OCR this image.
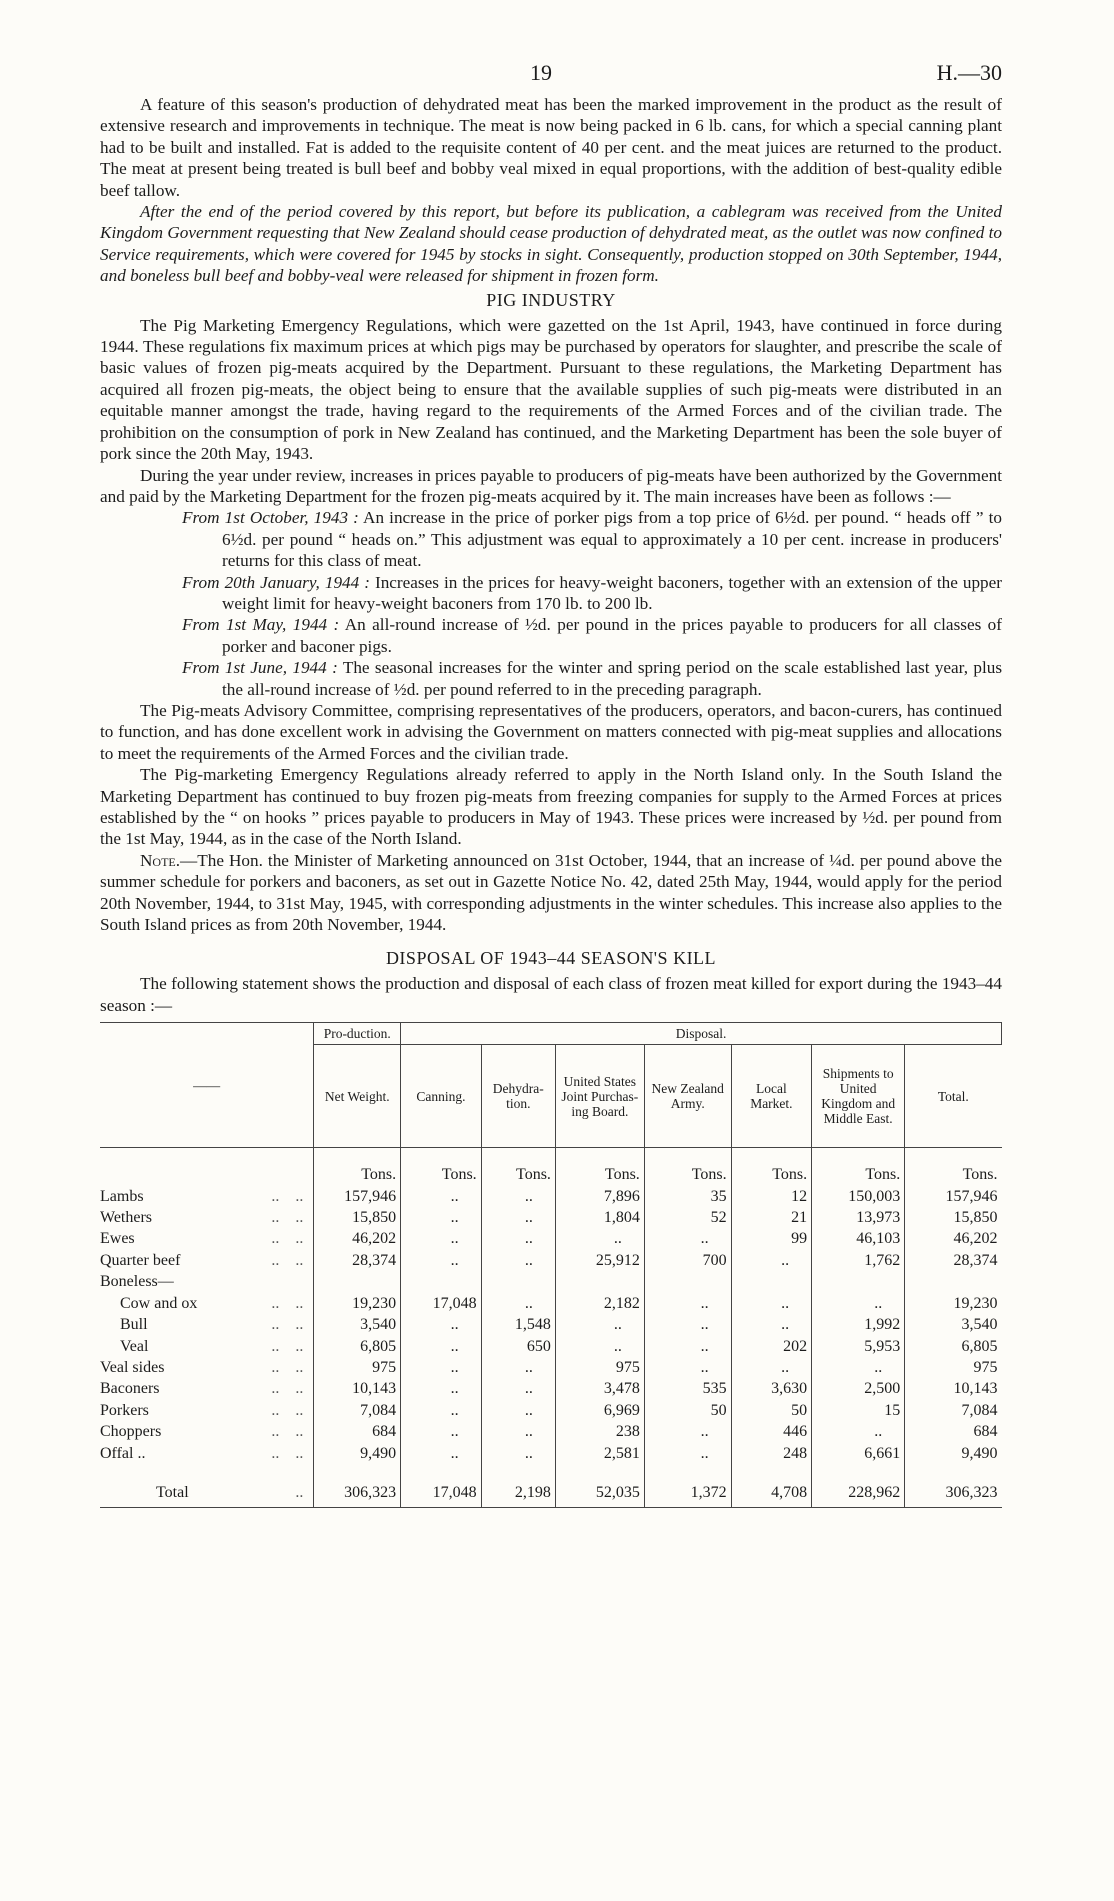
19	H.—30

A feature of this season's production of dehydrated meat has been the marked improvement in the product as the result of extensive research and improvements in technique. The meat is now being packed in 6 lb. cans, for which a special canning plant had to be built and installed. Fat is added to the requisite content of 40 per cent. and the meat juices are returned to the product. The meat at present being treated is bull beef and bobby veal mixed in equal proportions, with the addition of best-quality edible beef tallow.

After the end of the period covered by this report, but before its publication, a cablegram was received from the United Kingdom Government requesting that New Zealand should cease production of dehydrated meat, as the outlet was now confined to Service requirements, which were covered for 1945 by stocks in sight. Consequently, production stopped on 30th September, 1944, and boneless bull beef and bobby-veal were released for shipment in frozen form.

PIG INDUSTRY

The Pig Marketing Emergency Regulations, which were gazetted on the 1st April, 1943, have continued in force during 1944. These regulations fix maximum prices at which pigs may be purchased by operators for slaughter, and prescribe the scale of basic values of frozen pig-meats acquired by the Department. Pursuant to these regulations, the Marketing Department has acquired all frozen pig-meats, the object being to ensure that the available supplies of such pig-meats were distributed in an equitable manner amongst the trade, having regard to the requirements of the Armed Forces and of the civilian trade. The prohibition on the consumption of pork in New Zealand has continued, and the Marketing Department has been the sole buyer of pork since the 20th May, 1943.

During the year under review, increases in prices payable to producers of pig-meats have been authorized by the Government and paid by the Marketing Department for the frozen pig-meats acquired by it. The main increases have been as follows :—

From 1st October, 1943 : An increase in the price of porker pigs from a top price of 6½d. per pound. “ heads off ” to 6½d. per pound “ heads on.” This adjustment was equal to approximately a 10 per cent. increase in producers' returns for this class of meat.
From 20th January, 1944 : Increases in the prices for heavy-weight baconers, together with an extension of the upper weight limit for heavy-weight baconers from 170 lb. to 200 lb.
From 1st May, 1944 : An all-round increase of ½d. per pound in the prices payable to producers for all classes of porker and baconer pigs.
From 1st June, 1944 : The seasonal increases for the winter and spring period on the scale established last year, plus the all-round increase of ½d. per pound referred to in the preceding paragraph.

The Pig-meats Advisory Committee, comprising representatives of the producers, operators, and bacon-curers, has continued to function, and has done excellent work in advising the Government on matters connected with pig-meat supplies and allocations to meet the requirements of the Armed Forces and the civilian trade.

The Pig-marketing Emergency Regulations already referred to apply in the North Island only. In the South Island the Marketing Department has continued to buy frozen pig-meats from freezing companies for supply to the Armed Forces at prices established by the “ on hooks ” prices payable to producers in May of 1943. These prices were increased by ½d. per pound from the 1st May, 1944, as in the case of the North Island.

Note.—The Hon. the Minister of Marketing announced on 31st October, 1944, that an increase of ¼d. per pound above the summer schedule for porkers and baconers, as set out in Gazette Notice No. 42, dated 25th May, 1944, would apply for the period 20th November, 1944, to 31st May, 1945, with corresponding adjustments in the winter schedules. This increase also applies to the South Island prices as from 20th November, 1944.

DISPOSAL OF 1943–44 SEASON'S KILL

The following statement shows the production and disposal of each class of frozen meat killed for export during the 1943–44 season :—

——	Pro-duction.	Disposal.						
	Net Weight.	Canning.	Dehydra-tion.	United States Joint Purchas-ing Board.	New Zealand Army.	Local Market.	Shipments to United Kingdom and Middle East.	Total.
	Tons.	Tons.	Tons.	Tons.	Tons.	Tons.	Tons.	Tons.
Lambs ..    ..	157,946	..	..	7,896	35	12	150,003	157,946
Wethers ..    ..	15,850	..	..	1,804	52	21	13,973	15,850
Ewes ..    ..	46,202	..	..	..	..	99	46,103	46,202
Quarter beef ..    ..	28,374	..	..	25,912	700	..	1,762	28,374
Boneless—								
Cow and ox ..    ..	19,230	17,048	..	2,182	..	..	..	19,230
Bull ..    ..	3,540	..	1,548	..	..	..	1,992	3,540
Veal ..    ..	6,805	..	650	..	..	202	5,953	6,805
Veal sides ..    ..	975	..	..	975	..	..	..	975
Baconers ..    ..	10,143	..	..	3,478	535	3,630	2,500	10,143
Porkers ..    ..	7,084	..	..	6,969	50	50	15	7,084
Choppers ..    ..	684	..	..	238	..	446	..	684
Offal .. ..    ..	9,490	..	..	2,581	..	248	6,661	9,490
Total ..	306,323	17,048	2,198	52,035	1,372	4,708	228,962	306,323
